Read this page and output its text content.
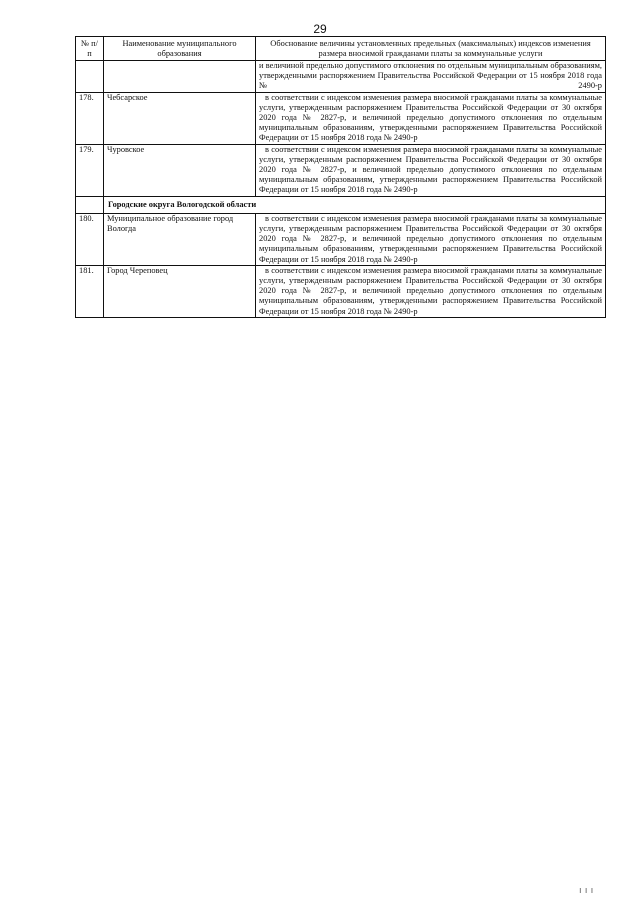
29
№ п/п	Наименование муниципального образования	Обоснование величины установленных предельных (максимальных) индексов изменения размера вносимой гражданами платы за коммунальные услуги
		и величиной предельно допустимого отклонения по отдельным муниципальным образованиям, утвержденными распоряжением Правительства Российской Федерации от 15 ноября 2018 года № 2490-р
178.	Чебсарское	в соответствии с индексом изменения размера вносимой гражданами платы за коммунальные услуги, утвержденным распоряжением Правительства Российской Федерации от 30 октября 2020 года № 2827-р, и величиной предельно допустимого отклонения по отдельным муниципальным образованиям, утвержденными распоряжением Правительства Российской Федерации от 15 ноября 2018 года № 2490-р

179.	Чуровское	в соответствии с индексом изменения размера вносимой гражданами платы за коммунальные услуги, утвержденным распоряжением Правительства Российской Федерации от 30 октября 2020 года № 2827-р, и величиной предельно допустимого отклонения по отдельным муниципальным образованиям, утвержденными распоряжением Правительства Российской Федерации от 15 ноября 2018 года № 2490-р

	Городские округа Вологодской области	
180.	Муниципальное образование город Вологда	в соответствии с индексом изменения размера вносимой гражданами платы за коммунальные услуги, утвержденным распоряжением Правительства Российской Федерации от 30 октября 2020 года № 2827-р, и величиной предельно допустимого отклонения по отдельным муниципальным образованиям, утвержденными распоряжением Правительства Российской Федерации от 15 ноября 2018 года № 2490-р

181.	Город Череповец	в соответствии с индексом изменения размера вносимой гражданами платы за коммунальные услуги, утвержденным распоряжением Правительства Российской Федерации от 30 октября 2020 года № 2827-р, и величиной предельно допустимого отклонения по отдельным муниципальным образованиям, утвержденными распоряжением Правительства Российской Федерации от 15 ноября 2018 года № 2490-р
I I I
